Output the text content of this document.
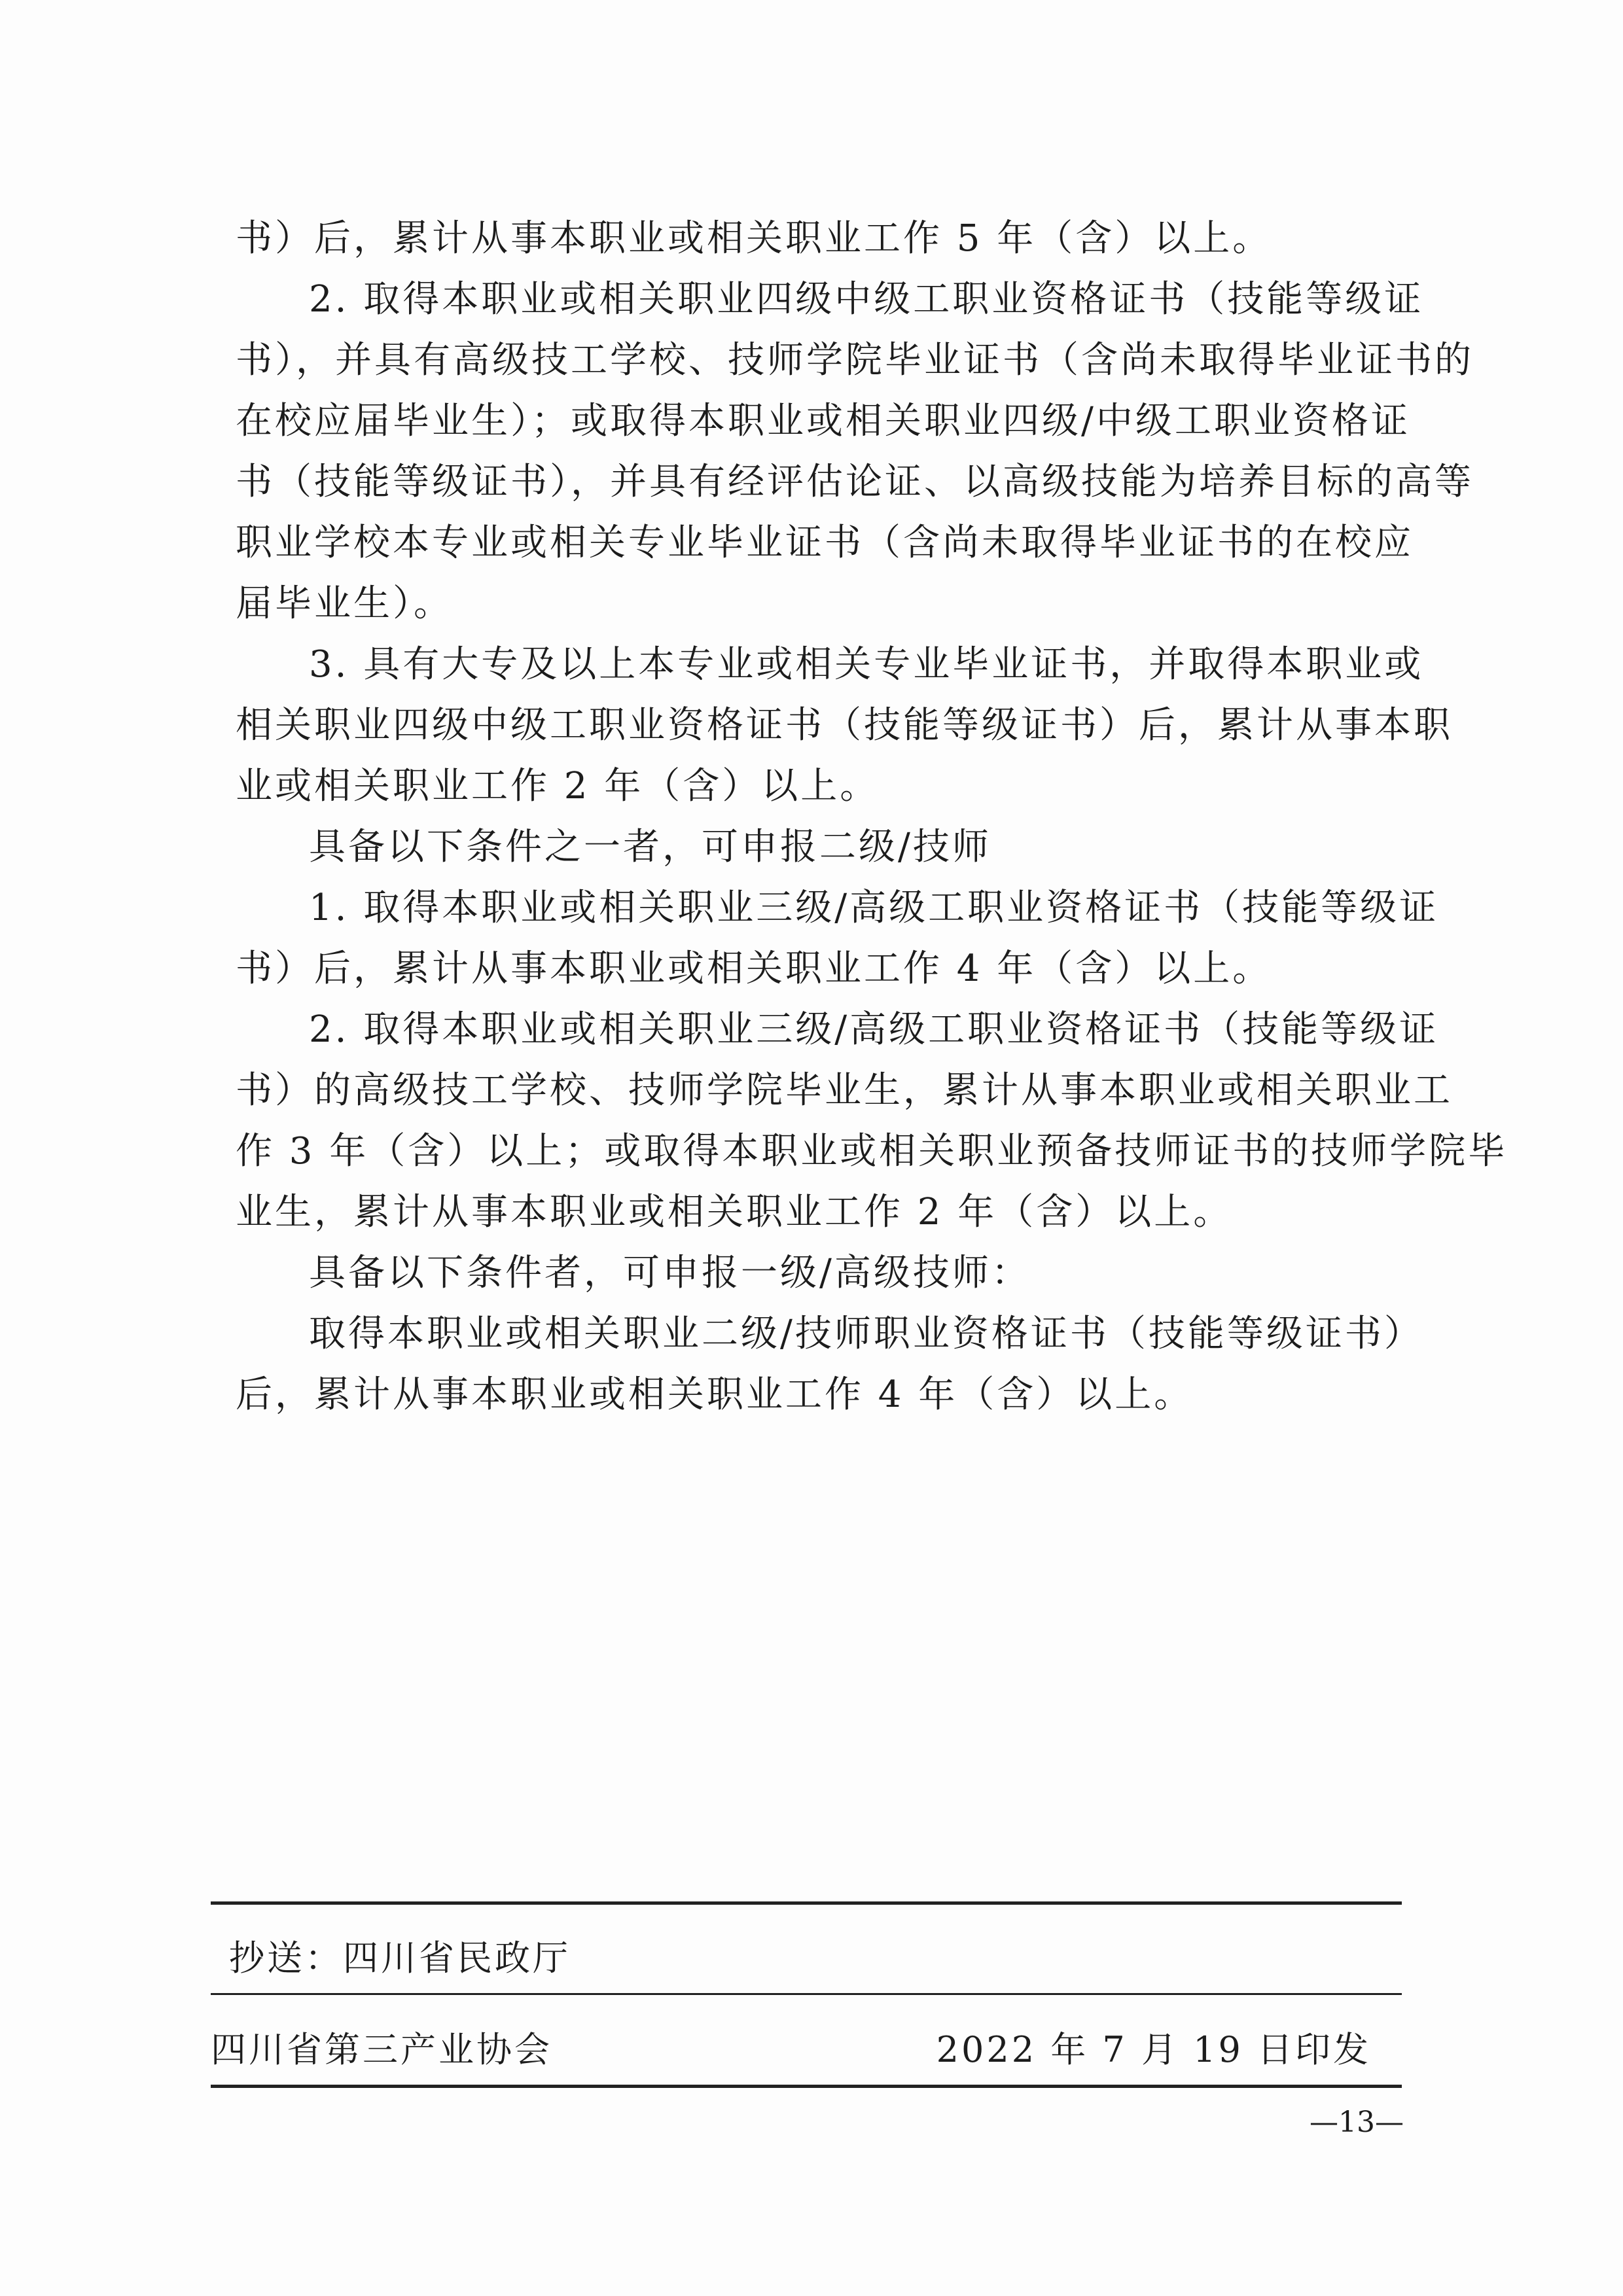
书）后，累计从事本职业或相关职业工作 5 年（含）以上。
2. 取得本职业或相关职业四级中级工职业资格证书（技能等级证
书），并具有高级技工学校、技师学院毕业证书（含尚未取得毕业证书的
在校应届毕业生）；或取得本职业或相关职业四级/中级工职业资格证
书（技能等级证书），并具有经评估论证、以高级技能为培养目标的高等
职业学校本专业或相关专业毕业证书（含尚未取得毕业证书的在校应
届毕业生）。
3. 具有大专及以上本专业或相关专业毕业证书，并取得本职业或
相关职业四级中级工职业资格证书（技能等级证书）后，累计从事本职
业或相关职业工作 2 年（含）以上。
具备以下条件之一者，可申报二级/技师
1. 取得本职业或相关职业三级/高级工职业资格证书（技能等级证
书）后，累计从事本职业或相关职业工作 4 年（含）以上。
2. 取得本职业或相关职业三级/高级工职业资格证书（技能等级证
书）的高级技工学校、技师学院毕业生，累计从事本职业或相关职业工
作 3 年（含）以上；或取得本职业或相关职业预备技师证书的技师学院毕
业生，累计从事本职业或相关职业工作 2 年（含）以上。
具备以下条件者，可申报一级/高级技师：
取得本职业或相关职业二级/技师职业资格证书（技能等级证书）
后，累计从事本职业或相关职业工作 4 年（含）以上。
抄送：四川省民政厅
四川省第三产业协会	2022 年 7 月 19 日印发
—13—
